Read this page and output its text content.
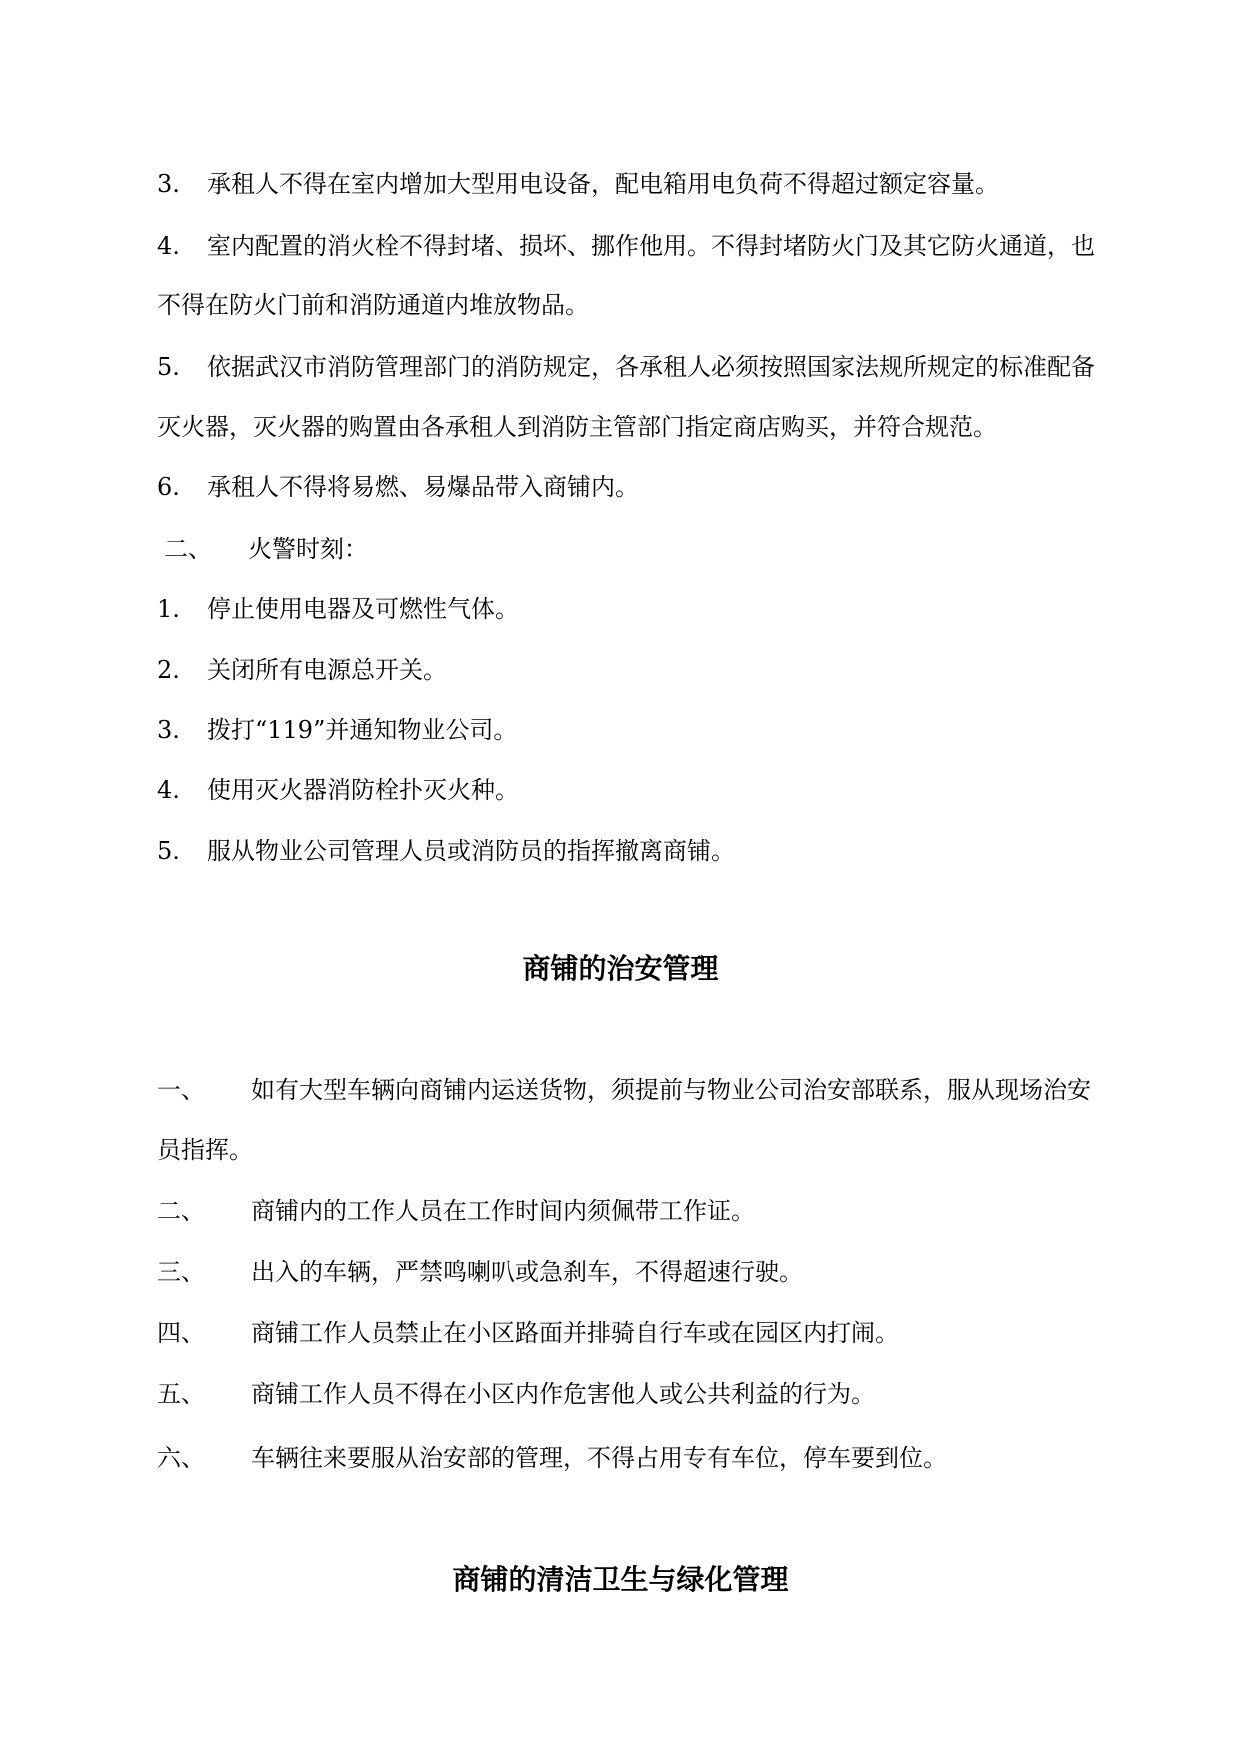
3. 承租人不得在室内增加大型用电设备，配电箱用电负荷不得超过额定容量。
4. 室内配置的消火栓不得封堵、损坏、挪作他用。不得封堵防火门及其它防火通道，也
不得在防火门前和消防通道内堆放物品。
5. 依据武汉市消防管理部门的消防规定，各承租人必须按照国家法规所规定的标准配备
灭火器，灭火器的购置由各承租人到消防主管部门指定商店购买，并符合规范。
6. 承租人不得将易燃、易爆品带入商铺内。
二、 火警时刻：
1. 停止使用电器及可燃性气体。
2. 关闭所有电源总开关。
3. 拨打“119”并通知物业公司。
4. 使用灭火器消防栓扑灭火种。
5. 服从物业公司管理人员或消防员的指挥撤离商铺。
商铺的治安管理
一、 如有大型车辆向商铺内运送货物，须提前与物业公司治安部联系，服从现场治安
员指挥。
二、 商铺内的工作人员在工作时间内须佩带工作证。
三、 出入的车辆，严禁鸣喇叭或急刹车，不得超速行驶。
四、 商铺工作人员禁止在小区路面并排骑自行车或在园区内打闹。
五、 商铺工作人员不得在小区内作危害他人或公共利益的行为。
六、 车辆往来要服从治安部的管理，不得占用专有车位，停车要到位。
商铺的清洁卫生与绿化管理
